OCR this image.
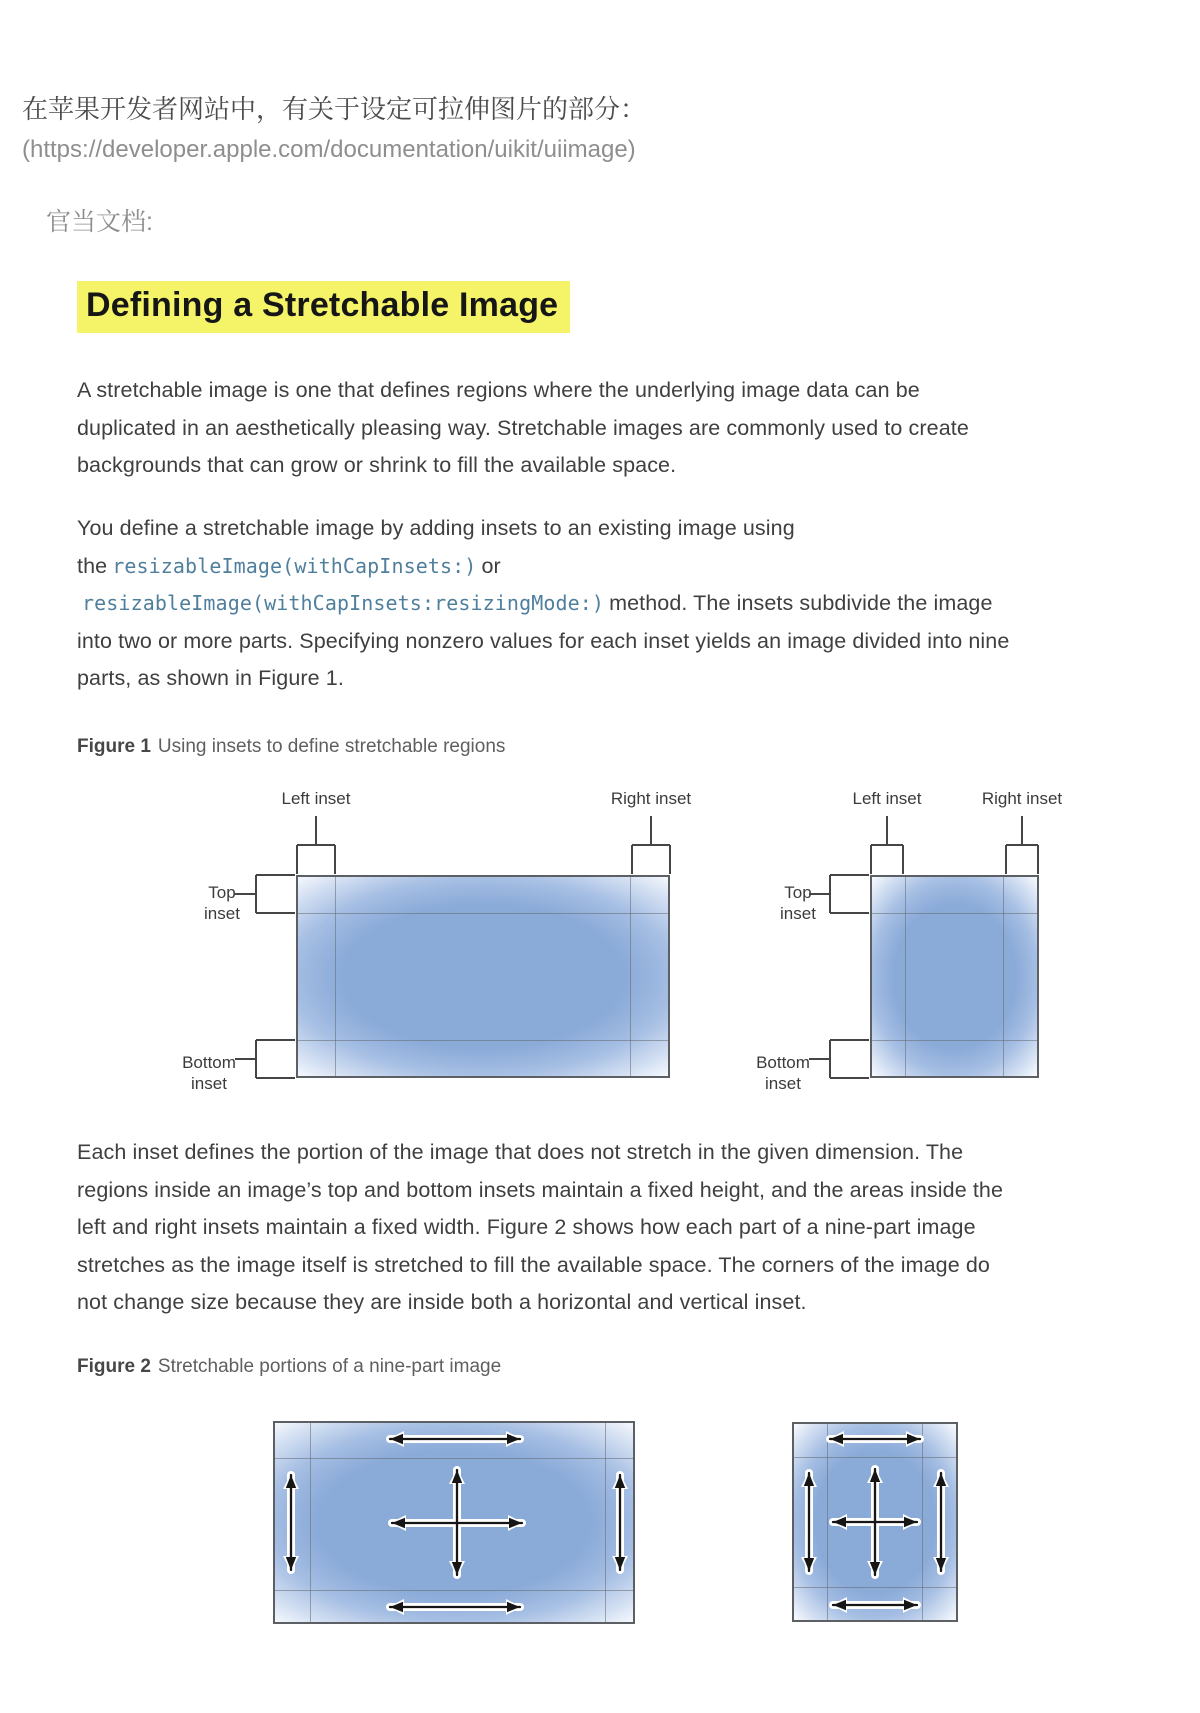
在苹果开发者网站中，有关于设定可拉伸图片的部分：
(https://developer.apple.com/documentation/uikit/uiimage)
官当文档:
Defining a Stretchable Image
A stretchable image is one that defines regions where the underlying image data can be duplicated in an aesthetically pleasing way. Stretchable images are commonly used to create backgrounds that can grow or shrink to fill the available space.
You define a stretchable image by adding insets to an existing image using the resizableImage(withCapInsets:) or
resizableImage(withCapInsets:resizingMode:) method. The insets subdivide the image into two or more parts. Specifying nonzero values for each inset yields an image divided into nine parts, as shown in Figure 1.
Figure 1 Using insets to define stretchable regions
Left inset	Right inset
Top inset
Bottom inset
Left inset	Right inset
Top inset
Bottom inset
Each inset defines the portion of the image that does not stretch in the given dimension. The regions inside an image’s top and bottom insets maintain a fixed height, and the areas inside the left and right insets maintain a fixed width. Figure 2 shows how each part of a nine-part image stretches as the image itself is stretched to fill the available space. The corners of the image do not change size because they are inside both a horizontal and vertical inset.
Figure 2 Stretchable portions of a nine-part image
